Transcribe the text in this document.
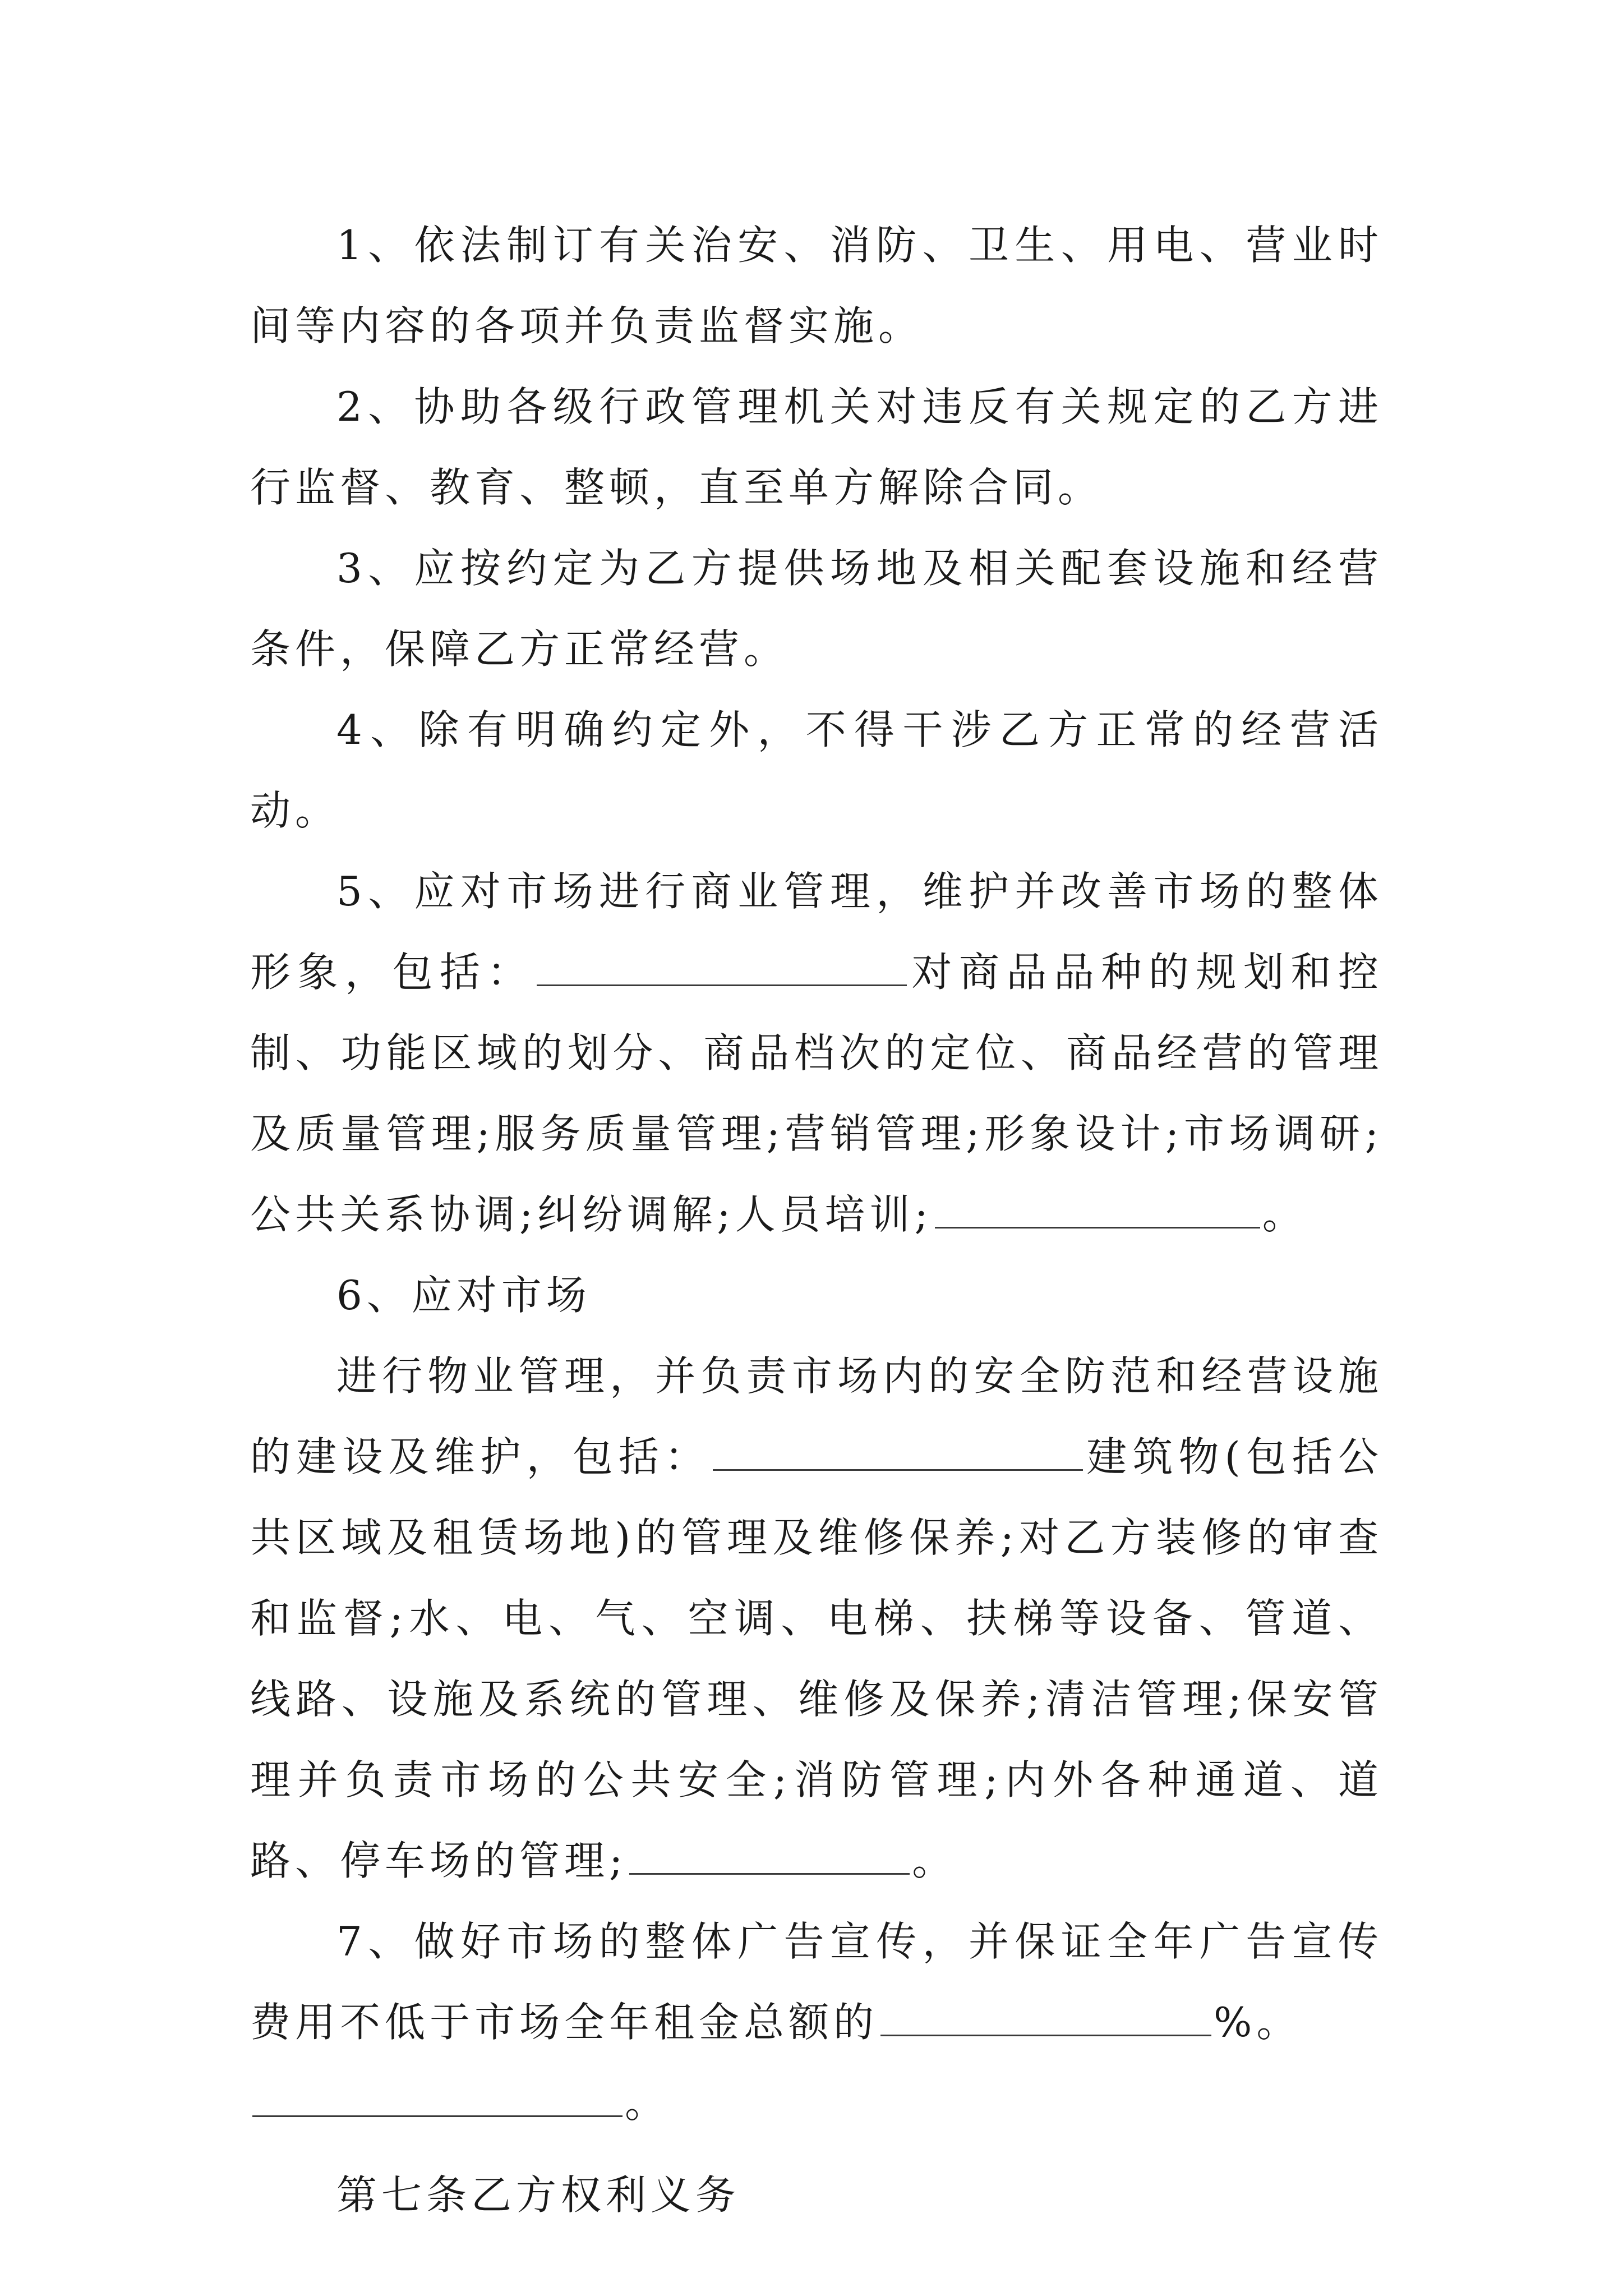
1、依法制订有关治安、消防、卫生、用电、营业时间等内容的各项并负责监督实施。

2、协助各级行政管理机关对违反有关规定的乙方进行监督、教育、整顿，直至单方解除合同。

3、应按约定为乙方提供场地及相关配套设施和经营条件，保障乙方正常经营。

4、除有明确约定外，不得干涉乙方正常的经营活动。

5、应对市场进行商业管理，维护并改善市场的整体形象，包括：	对商品品种的规划和控制、功能区域的划分、商品档次的定位、商品经营的管理及质量管理;服务质量管理;营销管理;形象设计;市场调研;公共关系协调;纠纷调解;人员培训;	。

6、应对市场

进行物业管理，并负责市场内的安全防范和经营设施的建设及维护，包括：	建筑物(包括公共区域及租赁场地)的管理及维修保养;对乙方装修的审查和监督;水、电、气、空调、电梯、扶梯等设备、管道、线路、设施及系统的管理、维修及保养;清洁管理;保安管理并负责市场的公共安全;消防管理;内外各种通道、道路、停车场的管理;	。

7、做好市场的整体广告宣传，并保证全年广告宣传费用不低于市场全年租金总额的	%。

。

第七条乙方权利义务
